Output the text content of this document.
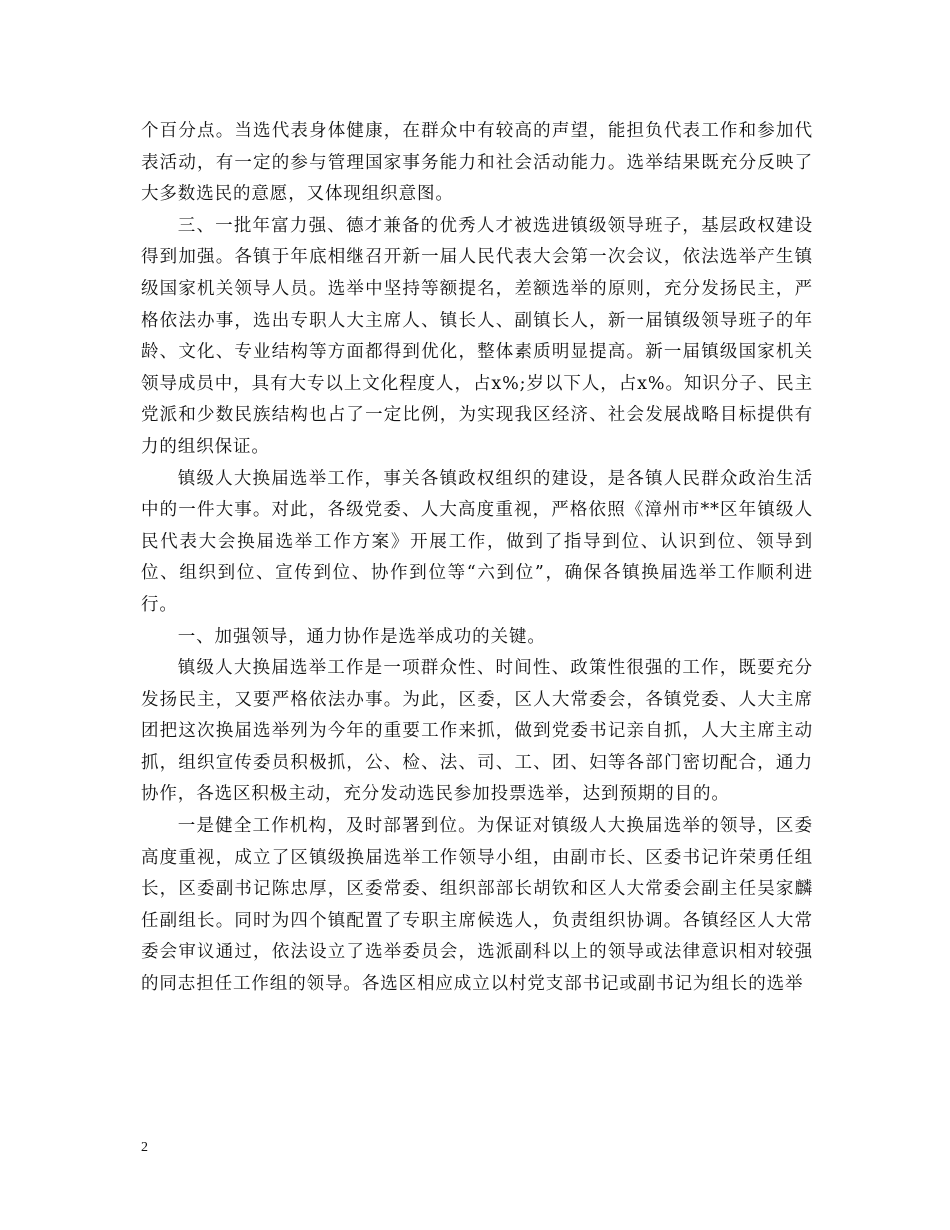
个百分点。当选代表身体健康，在群众中有较高的声望，能担负代表工作和参加代表活动，有一定的参与管理国家事务能力和社会活动能力。选举结果既充分反映了大多数选民的意愿，又体现组织意图。

三、一批年富力强、德才兼备的优秀人才被选进镇级领导班子，基层政权建设得到加强。各镇于年底相继召开新一届人民代表大会第一次会议，依法选举产生镇级国家机关领导人员。选举中坚持等额提名，差额选举的原则，充分发扬民主，严格依法办事，选出专职人大主席人、镇长人、副镇长人，新一届镇级领导班子的年龄、文化、专业结构等方面都得到优化，整体素质明显提高。新一届镇级国家机关领导成员中，具有大专以上文化程度人，占x%;岁以下人，占x%。知识分子、民主党派和少数民族结构也占了一定比例，为实现我区经济、社会发展战略目标提供有力的组织保证。

镇级人大换届选举工作，事关各镇政权组织的建设，是各镇人民群众政治生活中的一件大事。对此，各级党委、人大高度重视，严格依照《漳州市**区年镇级人民代表大会换届选举工作方案》开展工作，做到了指导到位、认识到位、领导到位、组织到位、宣传到位、协作到位等“六到位”，确保各镇换届选举工作顺利进行。

一、加强领导，通力协作是选举成功的关键。

镇级人大换届选举工作是一项群众性、时间性、政策性很强的工作，既要充分发扬民主，又要严格依法办事。为此，区委，区人大常委会，各镇党委、人大主席团把这次换届选举列为今年的重要工作来抓，做到党委书记亲自抓，人大主席主动抓，组织宣传委员积极抓，公、检、法、司、工、团、妇等各部门密切配合，通力协作，各选区积极主动，充分发动选民参加投票选举，达到预期的目的。

一是健全工作机构，及时部署到位。为保证对镇级人大换届选举的领导，区委高度重视，成立了区镇级换届选举工作领导小组，由副市长、区委书记许荣勇任组长，区委副书记陈忠厚，区委常委、组织部部长胡钦和区人大常委会副主任吴家麟任副组长。同时为四个镇配置了专职主席候选人，负责组织协调。各镇经区人大常委会审议通过，依法设立了选举委员会，选派副科以上的领导或法律意识相对较强的同志担任工作组的领导。各选区相应成立以村党支部书记或副书记为组长的选举

2
